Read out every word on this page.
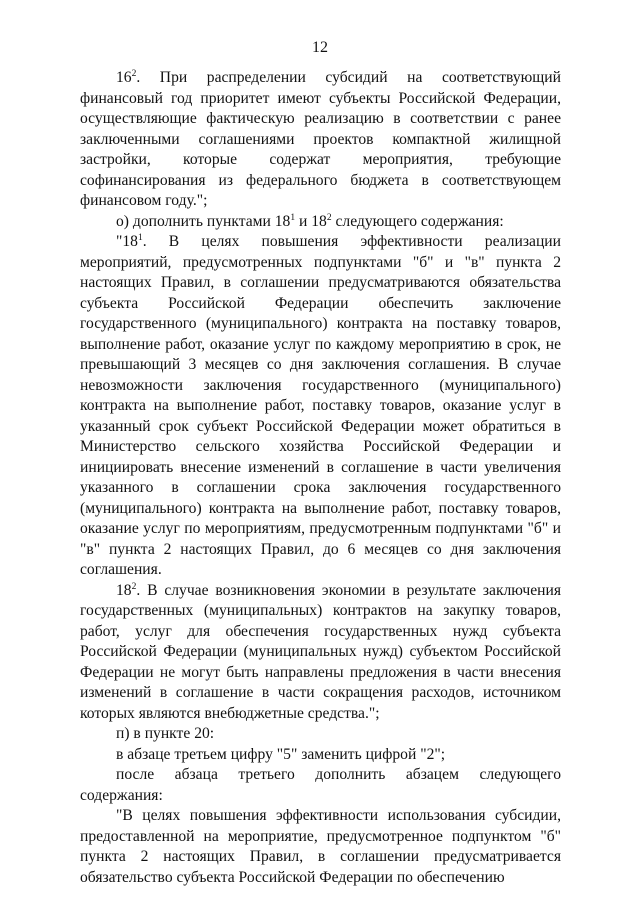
12

$16^2$. При распределении субсидий на соответствующий финансовый год приоритет имеют субъекты Российской Федерации, осуществляющие фактическую реализацию в соответствии с ранее заключенными соглашениями проектов компактной жилищной застройки, которые содержат мероприятия, требующие софинансирования из федерального бюджета в соответствующем финансовом году.";

о) дополнить пунктами $18^1$ и $18^2$ следующего содержания:

"$18^1$. В целях повышения эффективности реализации мероприятий, предусмотренных подпунктами "б" и "в" пункта 2 настоящих Правил, в соглашении предусматриваются обязательства субъекта Российской Федерации обеспечить заключение государственного (муниципального) контракта на поставку товаров, выполнение работ, оказание услуг по каждому мероприятию в срок, не превышающий 3 месяцев со дня заключения соглашения. В случае невозможности заключения государственного (муниципального) контракта на выполнение работ, поставку товаров, оказание услуг в указанный срок субъект Российской Федерации может обратиться в Министерство сельского хозяйства Российской Федерации и инициировать внесение изменений в соглашение в части увеличения указанного в соглашении срока заключения государственного (муниципального) контракта на выполнение работ, поставку товаров, оказание услуг по мероприятиям, предусмотренным подпунктами "б" и "в" пункта 2 настоящих Правил, до 6 месяцев со дня заключения соглашения.

$18^2$. В случае возникновения экономии в результате заключения государственных (муниципальных) контрактов на закупку товаров, работ, услуг для обеспечения государственных нужд субъекта Российской Федерации (муниципальных нужд) субъектом Российской Федерации не могут быть направлены предложения в части внесения изменений в соглашение в части сокращения расходов, источником которых являются внебюджетные средства.";

п) в пункте 20:

в абзаце третьем цифру "5" заменить цифрой "2";

после абзаца третьего дополнить абзацем следующего содержания:

"В целях повышения эффективности использования субсидии, предоставленной на мероприятие, предусмотренное подпунктом "б" пункта 2 настоящих Правил, в соглашении предусматривается обязательство субъекта Российской Федерации по обеспечению
